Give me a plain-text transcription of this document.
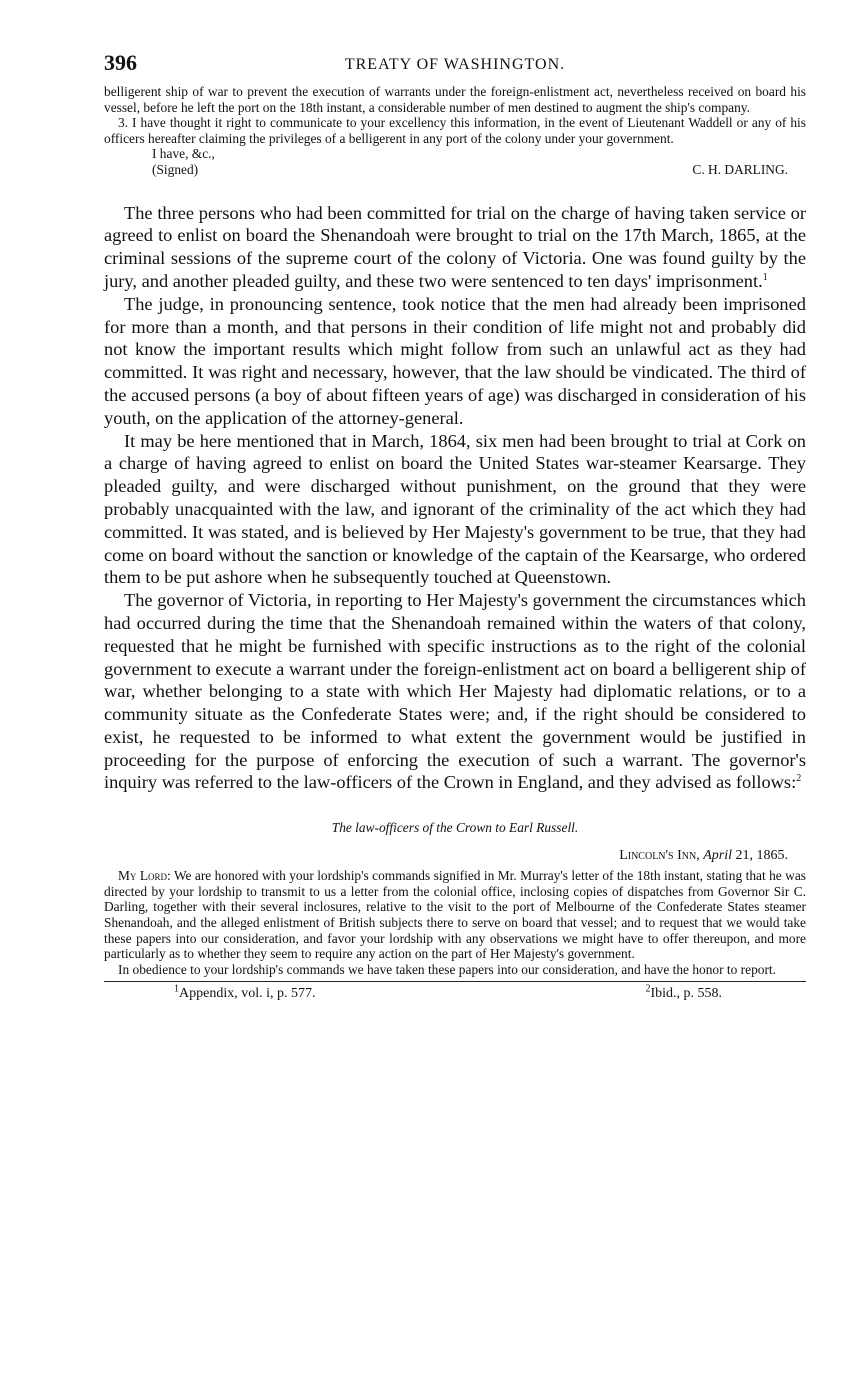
396	TREATY OF WASHINGTON.

belligerent ship of war to prevent the execution of warrants under the foreign-enlistment act, nevertheless received on board his vessel, before he left the port on the 18th instant, a considerable number of men destined to augment the ship's company.

3. I have thought it right to communicate to your excellency this information, in the event of Lieutenant Waddell or any of his officers hereafter claiming the privileges of a belligerent in any port of the colony under your government.

I have, &c.,
(Signed)	C. H. DARLING.

The three persons who had been committed for trial on the charge of having taken service or agreed to enlist on board the Shenandoah were brought to trial on the 17th March, 1865, at the criminal sessions of the supreme court of the colony of Victoria. One was found guilty by the jury, and another pleaded guilty, and these two were sentenced to ten days' imprisonment.$^1$

The judge, in pronouncing sentence, took notice that the men had already been imprisoned for more than a month, and that persons in their condition of life might not and probably did not know the important results which might follow from such an unlawful act as they had committed. It was right and necessary, however, that the law should be vindicated. The third of the accused persons (a boy of about fifteen years of age) was discharged in consideration of his youth, on the application of the attorney-general.

It may be here mentioned that in March, 1864, six men had been brought to trial at Cork on a charge of having agreed to enlist on board the United States war-steamer Kearsarge. They pleaded guilty, and were discharged without punishment, on the ground that they were probably unacquainted with the law, and ignorant of the criminality of the act which they had committed. It was stated, and is believed by Her Majesty's government to be true, that they had come on board without the sanction or knowledge of the captain of the Kearsarge, who ordered them to be put ashore when he subsequently touched at Queenstown.

The governor of Victoria, in reporting to Her Majesty's government the circumstances which had occurred during the time that the Shenandoah remained within the waters of that colony, requested that he might be furnished with specific instructions as to the right of the colonial government to execute a warrant under the foreign-enlistment act on board a belligerent ship of war, whether belonging to a state with which Her Majesty had diplomatic relations, or to a community situate as the Confederate States were; and, if the right should be considered to exist, he requested to be informed to what extent the government would be justified in proceeding for the purpose of enforcing the execution of such a warrant. The governor's inquiry was referred to the law-officers of the Crown in England, and they advised as follows:$^2$

The law-officers of the Crown to Earl Russell.
Lincoln's Inn, April 21, 1865.

My Lord: We are honored with your lordship's commands signified in Mr. Murray's letter of the 18th instant, stating that he was directed by your lordship to transmit to us a letter from the colonial office, inclosing copies of dispatches from Governor Sir C. Darling, together with their several inclosures, relative to the visit to the port of Melbourne of the Confederate States steamer Shenandoah, and the alleged enlistment of British subjects there to serve on board that vessel; and to request that we would take these papers into our consideration, and favor your lordship with any observations we might have to offer thereupon, and more particularly as to whether they seem to require any action on the part of Her Majesty's government.

In obedience to your lordship's commands we have taken these papers into our consideration, and have the honor to report.

$^1$Appendix, vol. i, p. 577.	$^2$Ibid., p. 558.
